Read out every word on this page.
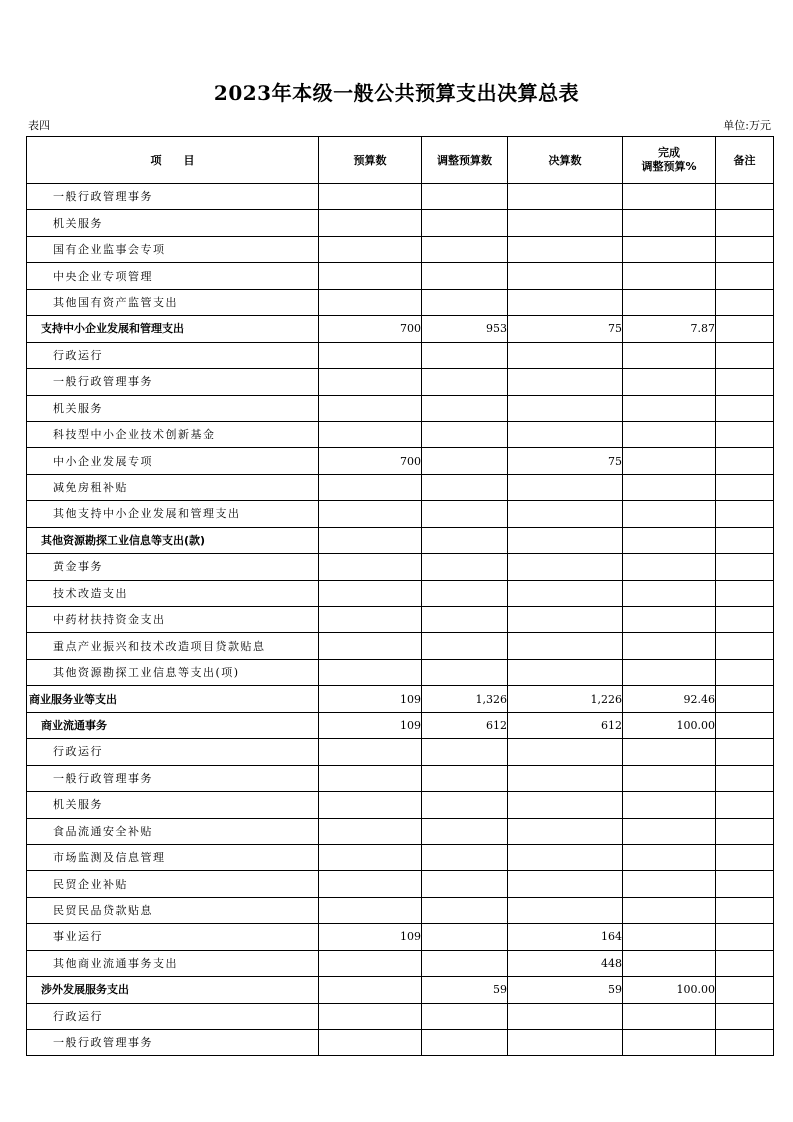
2023年本级一般公共预算支出决算总表
表四	单位:万元
项　　目	预算数	调整预算数	决算数	完成
调整预算%	备注
一般行政管理事务					
机关服务					
国有企业监事会专项					
中央企业专项管理					
其他国有资产监管支出					
支持中小企业发展和管理支出	700	953	75	7.87	
行政运行					
一般行政管理事务					
机关服务					
科技型中小企业技术创新基金					
中小企业发展专项	700		75		
减免房租补贴					
其他支持中小企业发展和管理支出					
其他资源勘探工业信息等支出(款)					
黄金事务					
技术改造支出					
中药材扶持资金支出					
重点产业振兴和技术改造项目贷款贴息					
其他资源勘探工业信息等支出(项)					
商业服务业等支出	109	1,326	1,226	92.46	
商业流通事务	109	612	612	100.00	
行政运行					
一般行政管理事务					
机关服务					
食品流通安全补贴					
市场监测及信息管理					
民贸企业补贴					
民贸民品贷款贴息					
事业运行	109		164		
其他商业流通事务支出			448		
涉外发展服务支出		59	59	100.00	
行政运行					
一般行政管理事务					
